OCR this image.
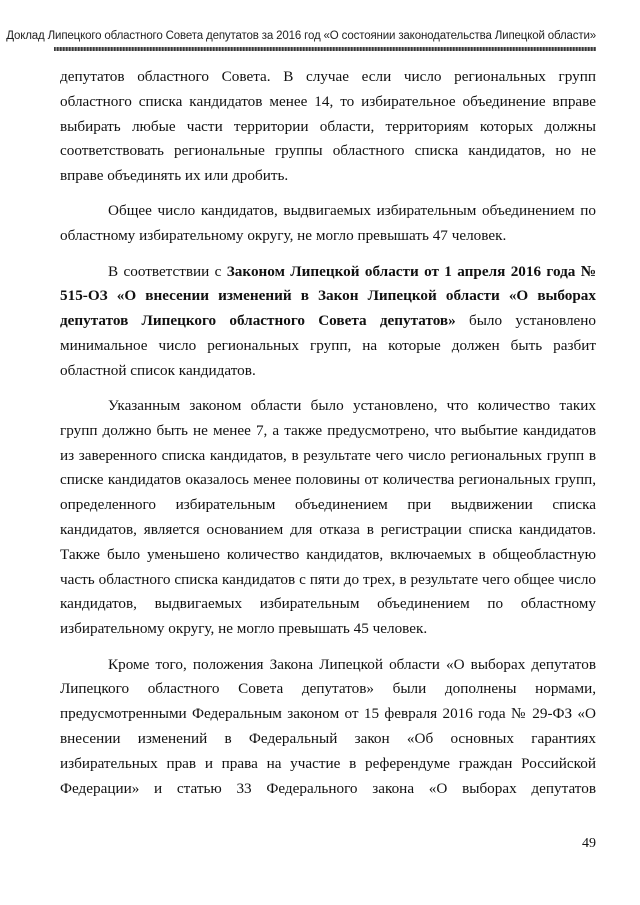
Доклад Липецкого областного Совета депутатов за 2016 год «О состоянии законодательства Липецкой области»

депутатов областного Совета. В случае если число региональных групп областного списка кандидатов менее 14, то избирательное объединение вправе выбирать любые части территории области, территориям которых должны соответствовать региональные группы областного списка кандидатов, но не вправе объединять их или дробить.

Общее число кандидатов, выдвигаемых избирательным объединением по областному избирательному округу, не могло превышать 47 человек.

В соответствии с Законом Липецкой области от 1 апреля 2016 года № 515-ОЗ «О внесении изменений в Закон Липецкой области «О выборах депутатов Липецкого областного Совета депутатов» было установлено минимальное число региональных групп, на которые должен быть разбит областной список кандидатов.

Указанным законом области было установлено, что количество таких групп должно быть не менее 7, а также предусмотрено, что выбытие кандидатов из заверенного списка кандидатов, в результате чего число региональных групп в списке кандидатов оказалось менее половины от количества региональных групп, определенного избирательным объединением при выдвижении списка кандидатов, является основанием для отказа в регистрации списка кандидатов. Также было уменьшено количество кандидатов, включаемых в общеобластную часть областного списка кандидатов с пяти до трех, в результате чего общее число кандидатов, выдвигаемых избирательным объединением по областному избирательному округу, не могло превышать 45 человек.

Кроме того, положения Закона Липецкой области «О выборах депутатов Липецкого областного Совета депутатов» были дополнены нормами, предусмотренными Федеральным законом от 15 февраля 2016 года № 29-ФЗ «О внесении изменений в Федеральный закон «Об основных гарантиях избирательных прав и права на участие в референдуме граждан Российской Федерации» и статью 33 Федерального закона «О выборах депутатов

49
